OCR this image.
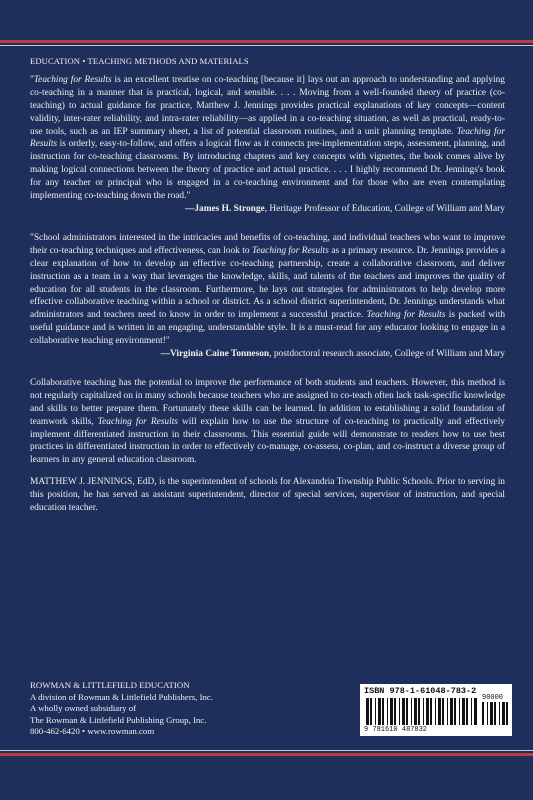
EDUCATION • TEACHING METHODS AND MATERIALS

"Teaching for Results is an excellent treatise on co-teaching [because it] lays out an approach to understanding and applying co-teaching in a manner that is practical, logical, and sensible. . . . Moving from a well-founded theory of practice (co-teaching) to actual guidance for practice, Matthew J. Jennings provides practical explanations of key concepts—content validity, inter-rater reliability, and intra-rater reliability—as applied in a co-teaching situation, as well as practical, ready-to-use tools, such as an IEP summary sheet, a list of potential classroom routines, and a unit planning template. Teaching for Results is orderly, easy-to-follow, and offers a logical flow as it connects pre-implementation steps, assessment, planning, and instruction for co-teaching classrooms. By introducing chapters and key concepts with vignettes, the book comes alive by making logical connections between the theory of practice and actual practice. . . . I highly recommend Dr. Jennings's book for any teacher or principal who is engaged in a co-teaching environment and for those who are even contemplating implementing co-teaching down the road."

—James H. Stronge, Heritage Professor of Education, College of William and Mary

"School administrators interested in the intricacies and benefits of co-teaching, and individual teachers who want to improve their co-teaching techniques and effectiveness, can look to Teaching for Results as a primary resource. Dr. Jennings provides a clear explanation of how to develop an effective co-teaching partnership, create a collaborative classroom, and deliver instruction as a team in a way that leverages the knowledge, skills, and talents of the teachers and improves the quality of education for all students in the classroom. Furthermore, he lays out strategies for administrators to help develop more effective collaborative teaching within a school or district. As a school district superintendent, Dr. Jennings understands what administrators and teachers need to know in order to implement a successful practice. Teaching for Results is packed with useful guidance and is written in an engaging, understandable style. It is a must-read for any educator looking to engage in a collaborative teaching environment!"

—Virginia Caine Tonneson, postdoctoral research associate, College of William and Mary

Collaborative teaching has the potential to improve the performance of both students and teachers. However, this method is not regularly capitalized on in many schools because teachers who are assigned to co-teach often lack task-specific knowledge and skills to better prepare them. Fortunately these skills can be learned. In addition to establishing a solid foundation of teamwork skills, Teaching for Results will explain how to use the structure of co-teaching to practically and effectively implement differentiated instruction in their classrooms. This essential guide will demonstrate to readers how to use best practices in differentiated instruction in order to effectively co-manage, co-assess, co-plan, and co-instruct a diverse group of learners in any general education classroom.

MATTHEW J. JENNINGS, EdD, is the superintendent of schools for Alexandria Township Public Schools. Prior to serving in this position, he has served as assistant superintendent, director of special services, supervisor of instruction, and special education teacher.

ROWMAN & LITTLEFIELD EDUCATION
A division of Rowman & Littlefield Publishers, Inc.
A wholly owned subsidiary of
The Rowman & Littlefield Publishing Group, Inc.
800-462-6420 • www.rowman.com
ISBN 978-1-61048-783-2
90000
9 781610 487832
